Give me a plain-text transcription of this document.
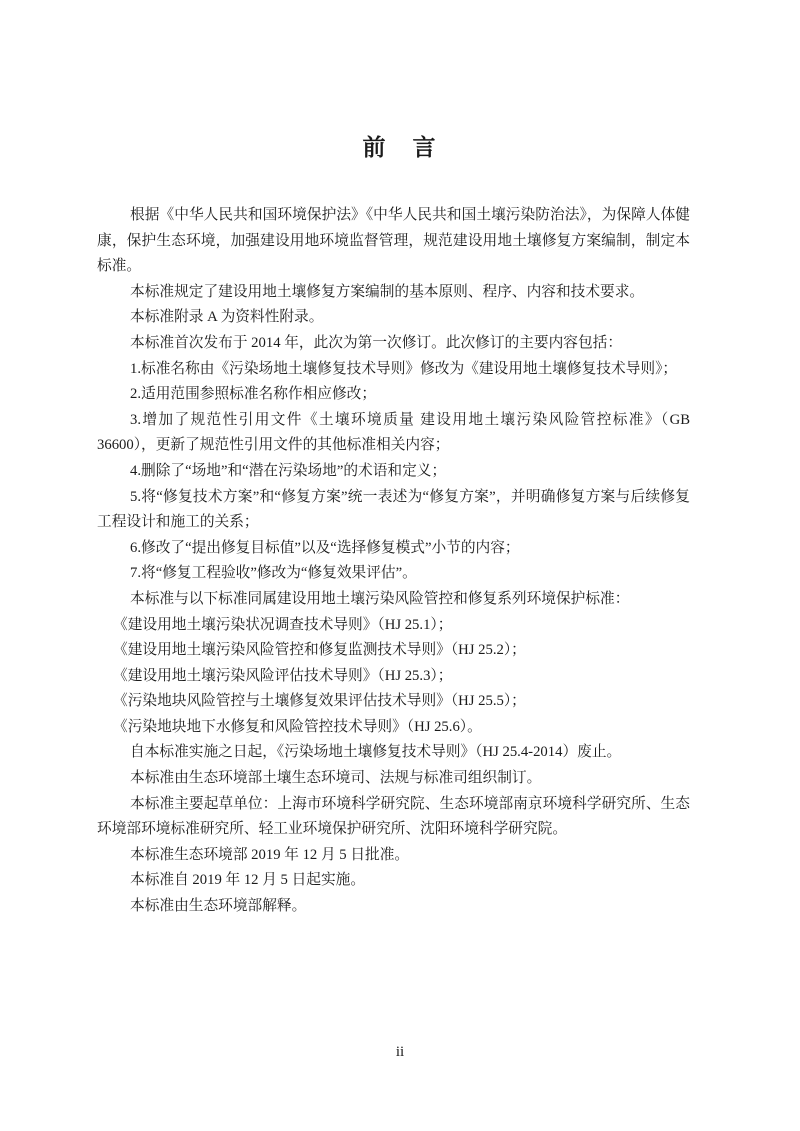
前　言

根据《中华人民共和国环境保护法》《中华人民共和国土壤污染防治法》，为保障人体健康，保护生态环境，加强建设用地环境监督管理，规范建设用地土壤修复方案编制，制定本标准。

本标准规定了建设用地土壤修复方案编制的基本原则、程序、内容和技术要求。

本标准附录 A 为资料性附录。

本标准首次发布于 2014 年，此次为第一次修订。此次修订的主要内容包括：

1.标准名称由《污染场地土壤修复技术导则》修改为《建设用地土壤修复技术导则》；

2.适用范围参照标准名称作相应修改；

3.增加了规范性引用文件《土壤环境质量 建设用地土壤污染风险管控标准》（GB 36600），更新了规范性引用文件的其他标准相关内容；

4.删除了“场地”和“潜在污染场地”的术语和定义；

5.将“修复技术方案”和“修复方案”统一表述为“修复方案”，并明确修复方案与后续修复工程设计和施工的关系；

6.修改了“提出修复目标值”以及“选择修复模式”小节的内容；

7.将“修复工程验收”修改为“修复效果评估”。

本标准与以下标准同属建设用地土壤污染风险管控和修复系列环境保护标准：

《建设用地土壤污染状况调查技术导则》（HJ 25.1）；

《建设用地土壤污染风险管控和修复监测技术导则》（HJ 25.2）；

《建设用地土壤污染风险评估技术导则》（HJ 25.3）；

《污染地块风险管控与土壤修复效果评估技术导则》（HJ 25.5）；

《污染地块地下水修复和风险管控技术导则》（HJ 25.6）。

自本标准实施之日起，《污染场地土壤修复技术导则》（HJ 25.4-2014）废止。

本标准由生态环境部土壤生态环境司、法规与标准司组织制订。

本标准主要起草单位：上海市环境科学研究院、生态环境部南京环境科学研究所、生态环境部环境标准研究所、轻工业环境保护研究所、沈阳环境科学研究院。

本标准生态环境部 2019 年 12 月 5 日批准。

本标准自 2019 年 12 月 5 日起实施。

本标准由生态环境部解释。

ii
